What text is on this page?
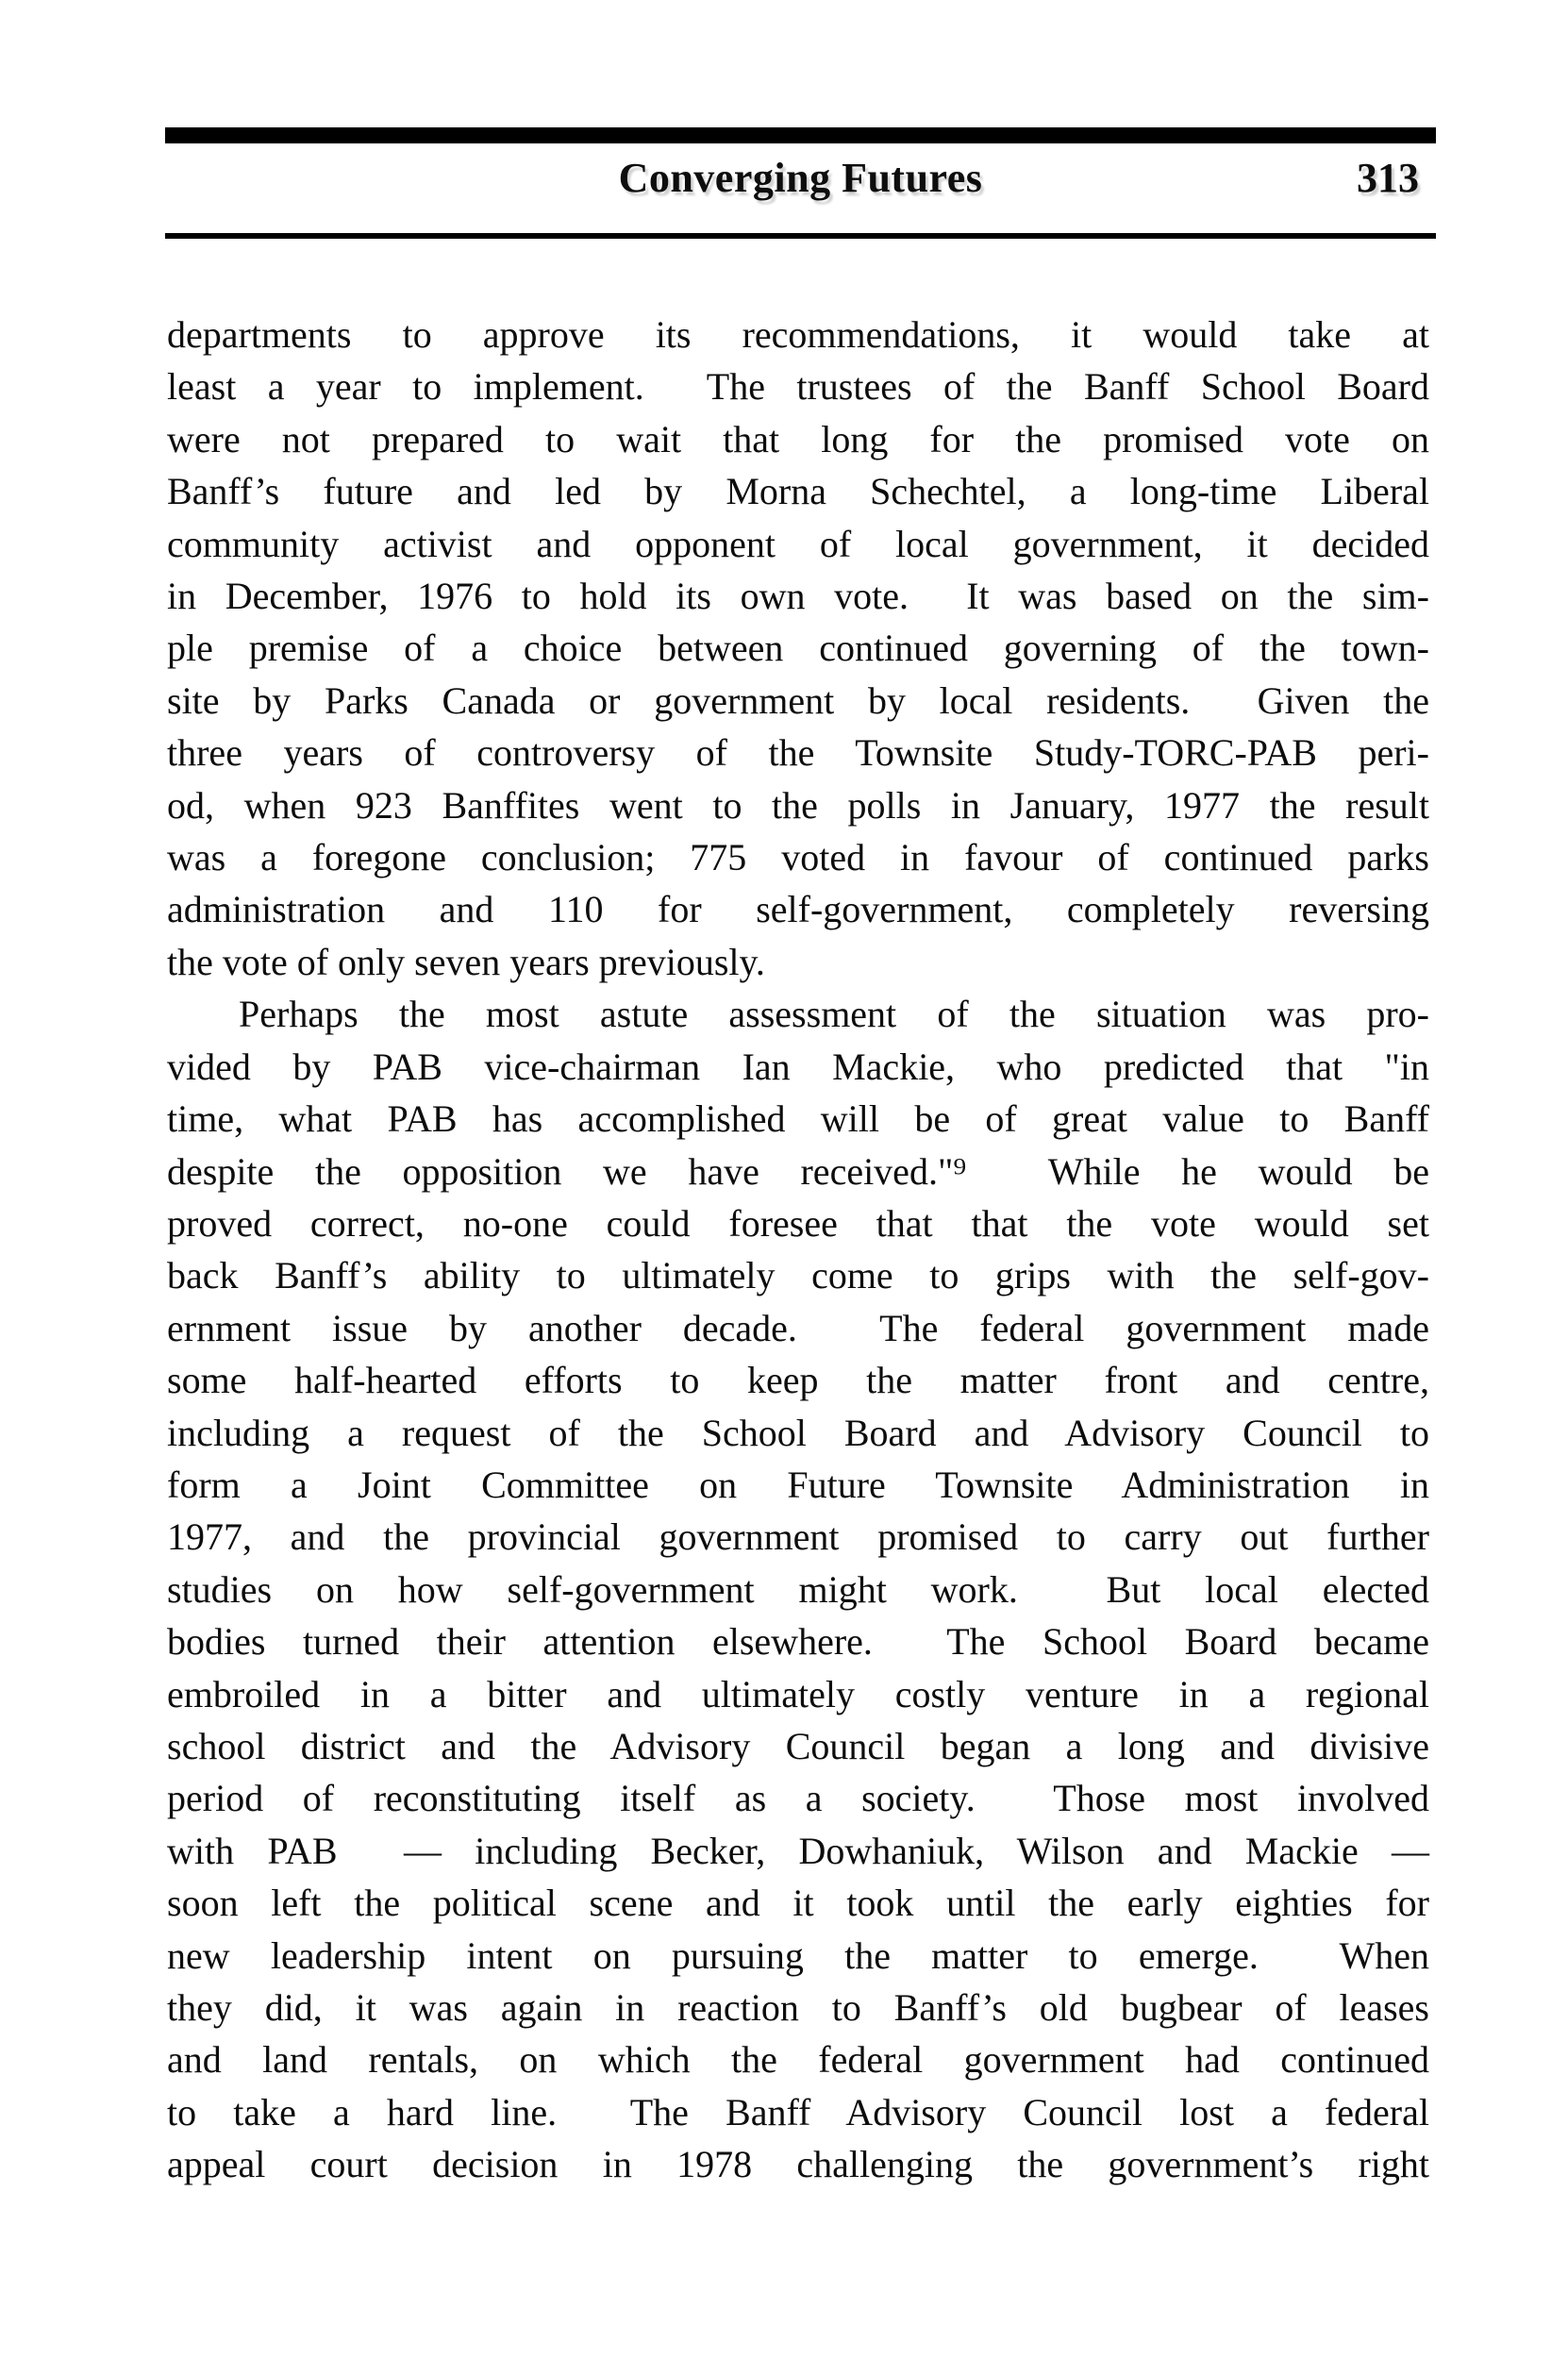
Converging Futures	313
departments to approve its recommendations, it would take at
least a year to implement.  The trustees of the Banff School Board
were not prepared to wait that long for the promised vote on
Banff’s future and led by Morna Schechtel, a long-time Liberal
community activist and opponent of local government, it decided
in December, 1976 to hold its own vote.  It was based on the sim-
ple premise of a choice between continued governing of the town-
site by Parks Canada or government by local residents.  Given the
three years of controversy of the Townsite Study-TORC-PAB peri-
od, when 923 Banffites went to the polls in January, 1977 the result
was a foregone conclusion; 775 voted in favour of continued parks
administration and 110 for self-government, completely reversing
the vote of only seven years previously.
Perhaps the most astute assessment of the situation was pro-
vided by PAB vice-chairman Ian Mackie, who predicted that "in
time, what PAB has accomplished will be of great value to Banff
despite the opposition we have received."⁹  While he would be
proved correct, no-one could foresee that that the vote would set
back Banff’s ability to ultimately come to grips with the self-gov-
ernment issue by another decade.  The federal government made
some half-hearted efforts to keep the matter front and centre,
including a request of the School Board and Advisory Council to
form a Joint Committee on Future Townsite Administration in
1977, and the provincial government promised to carry out further
studies on how self-government might work.  But local elected
bodies turned their attention elsewhere.  The School Board became
embroiled in a bitter and ultimately costly venture in a regional
school district and the Advisory Council began a long and divisive
period of reconstituting itself as a society.  Those most involved
with PAB  — including Becker, Dowhaniuk, Wilson and Mackie —
soon left the political scene and it took until the early eighties for
new leadership intent on pursuing the matter to emerge.  When
they did, it was again in reaction to Banff’s old bugbear of leases
and land rentals, on which the federal government had continued
to take a hard line.  The Banff Advisory Council lost a federal
appeal court decision in 1978 challenging the government’s right
